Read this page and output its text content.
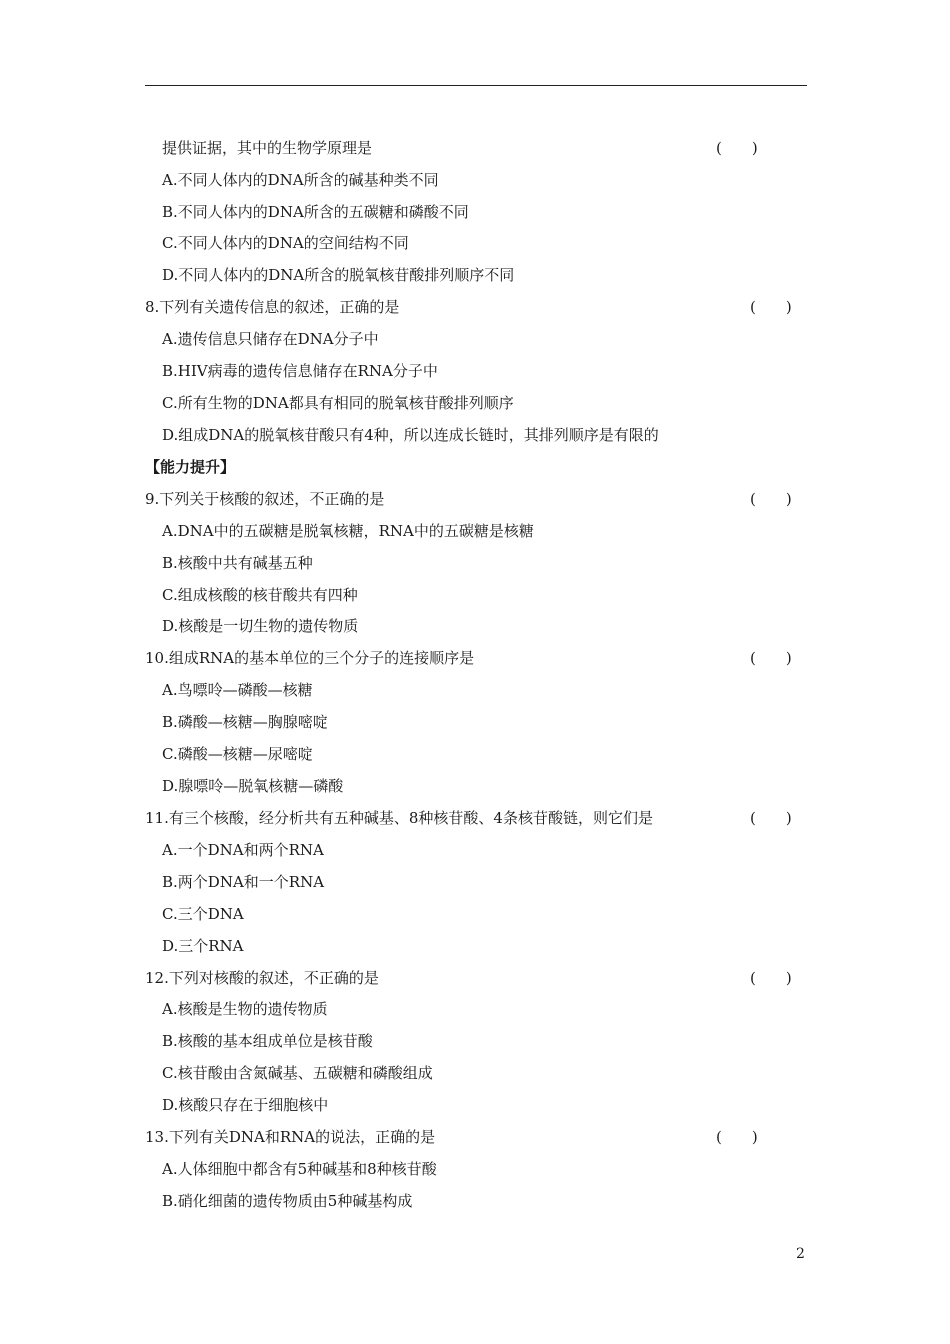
提供证据，其中的生物学原理是	(　　)
A.不同人体内的DNA所含的碱基种类不同
B.不同人体内的DNA所含的五碳糖和磷酸不同
C.不同人体内的DNA的空间结构不同
D.不同人体内的DNA所含的脱氧核苷酸排列顺序不同
8.下列有关遗传信息的叙述，正确的是	(　　)
A.遗传信息只储存在DNA分子中
B.HIV病毒的遗传信息储存在RNA分子中
C.所有生物的DNA都具有相同的脱氧核苷酸排列顺序
D.组成DNA的脱氧核苷酸只有4种，所以连成长链时，其排列顺序是有限的
【能力提升】
9.下列关于核酸的叙述，不正确的是	(　　)
A.DNA中的五碳糖是脱氧核糖，RNA中的五碳糖是核糖
B.核酸中共有碱基五种
C.组成核酸的核苷酸共有四种
D.核酸是一切生物的遗传物质
10.组成RNA的基本单位的三个分子的连接顺序是	(　　)
A.鸟嘌呤—磷酸—核糖
B.磷酸—核糖—胸腺嘧啶
C.磷酸—核糖—尿嘧啶
D.腺嘌呤—脱氧核糖—磷酸
11.有三个核酸，经分析共有五种碱基、8种核苷酸、4条核苷酸链，则它们是	(　　)
A.一个DNA和两个RNA
B.两个DNA和一个RNA
C.三个DNA
D.三个RNA
12.下列对核酸的叙述，不正确的是	(　　)
A.核酸是生物的遗传物质
B.核酸的基本组成单位是核苷酸
C.核苷酸由含氮碱基、五碳糖和磷酸组成
D.核酸只存在于细胞核中
13.下列有关DNA和RNA的说法，正确的是	(　　)
A.人体细胞中都含有5种碱基和8种核苷酸
B.硝化细菌的遗传物质由5种碱基构成
2
